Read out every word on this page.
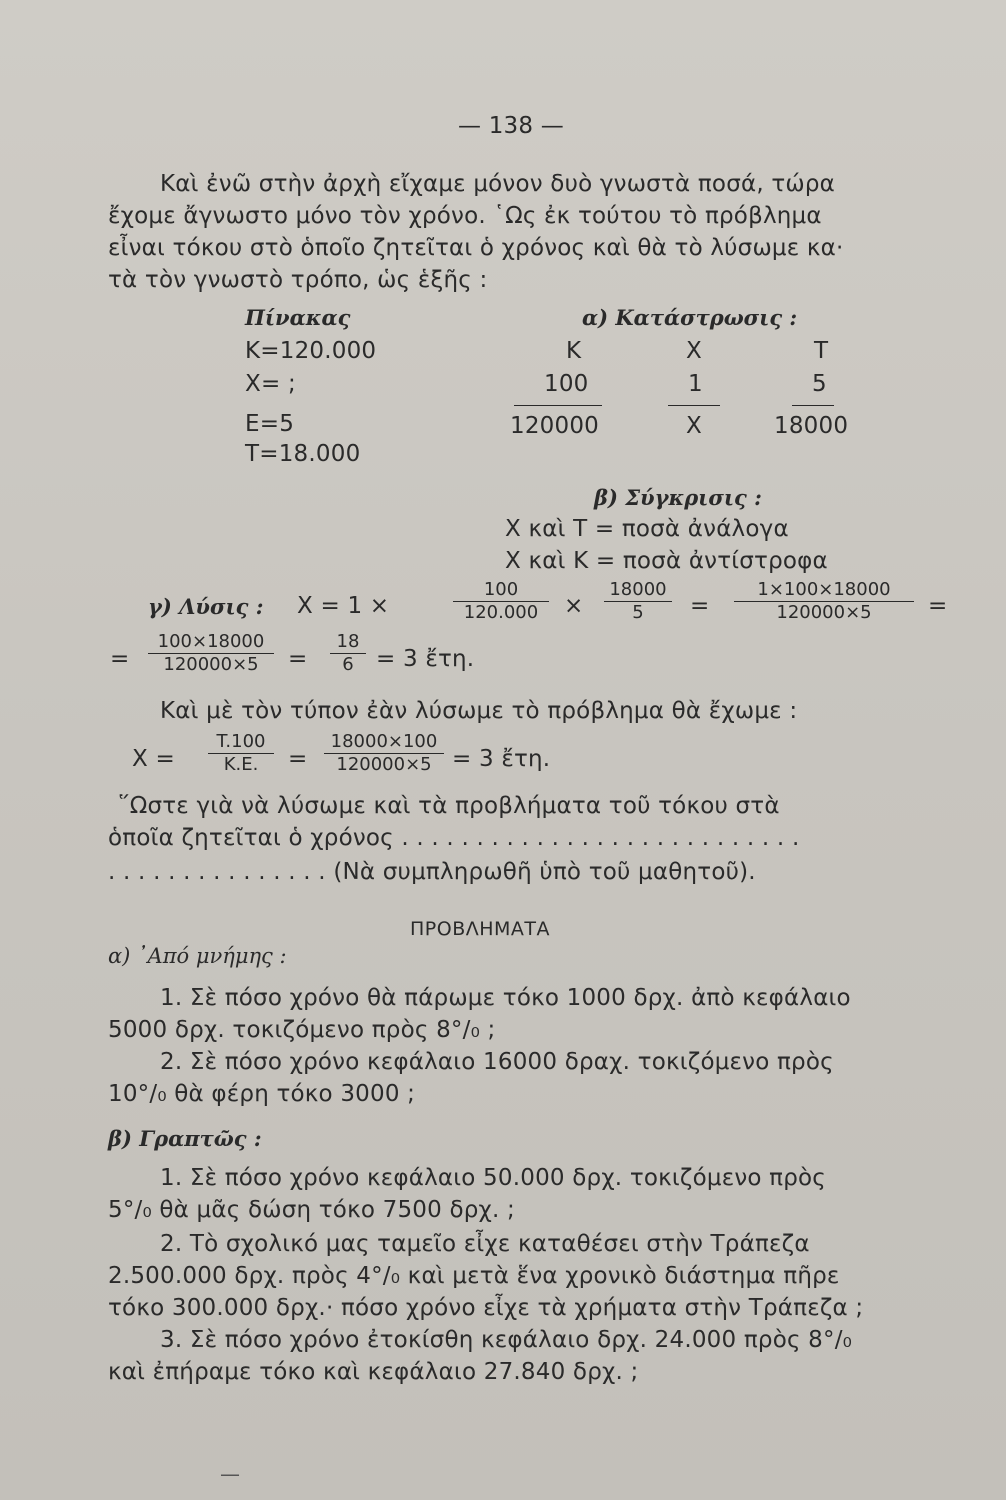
— 138 —
Καὶ ἐνῶ στὴν ἀρχὴ εἴχαμε μόνον δυὸ γνωστὰ ποσά, τώρα
ἔχομε ἄγνωστο μόνο τὸν χρόνο. ῾Ως ἐκ τούτου τὸ πρόβλημα
εἶναι τόκου στὸ ὁποῖο ζητεῖται ὁ χρόνος καὶ θὰ τὸ λύσωμε κα·
τὰ τὸν γνωστὸ τρόπο, ὡς ἑξῆς :
Πίνακας
K=120.000
X= ;
E=5
T=18.000
α) Κατάστρωσις :
K	X	T
100	1	5
120000	X	18000
β) Σύγκρισις :
X καὶ T = ποσὰ ἀνάλογα
X καὶ K = ποσὰ ἀντίστροφα
γ) Λύσις : X = 1 ×	$\frac{100}{120.000} \times \frac{18000}{5} = \frac{1\times 100\times 18000}{120000\times 5}$ =
= $\frac{100\times 18000}{120000\times 5} = \frac{18}{6} = 3$ ἔτη.
Καὶ μὲ τὸν τύπον ἐὰν λύσωμε τὸ πρόβλημα θὰ ἔχωμε :
$X = \frac{T.100}{K.E.} = \frac{18000\times 100}{120000\times 5} = 3$ ἔτη.
῞Ωστε γιὰ νὰ λύσωμε καὶ τὰ προβλήματα τοῦ τόκου στὰ
ὁποῖα ζητεῖται ὁ χρόνος . . . . . . . . . . . . . . . . . . . . . . . . . . .
. . . . . . . . . . . . . . . (Νὰ συμπληρωθῆ ὑπὸ τοῦ μαθητοῦ).
ΠΡΟΒΛΗΜΑΤΑ
α) ᾿Από μνήμης :
1. Σὲ πόσο χρόνο θὰ πάρωμε τόκο 1000 δρχ. ἀπὸ κεφάλαιο
5000 δρχ. τοκιζόμενο πρὸς 8°/₀ ;
2. Σὲ πόσο χρόνο κεφάλαιο 16000 δραχ. τοκιζόμενο πρὸς
10°/₀ θὰ φέρη τόκο 3000 ;
β) Γραπτῶς :
1. Σὲ πόσο χρόνο κεφάλαιο 50.000 δρχ. τοκιζόμενο πρὸς
5°/₀ θὰ μᾶς δώση τόκο 7500 δρχ. ;
2. Τὸ σχολικό μας ταμεῖο εἶχε καταθέσει στὴν Τράπεζα
2.500.000 δρχ. πρὸς 4°/₀ καὶ μετὰ ἕνα χρονικὸ διάστημα πῆρε
τόκο 300.000 δρχ.· πόσο χρόνο εἶχε τὰ χρήματα στὴν Τράπεζα ;
3. Σὲ πόσο χρόνο ἐτοκίσθη κεφάλαιο δρχ. 24.000 πρὸς 8°/₀
καὶ ἐπήραμε τόκο καὶ κεφάλαιο 27.840 δρχ. ;
—
